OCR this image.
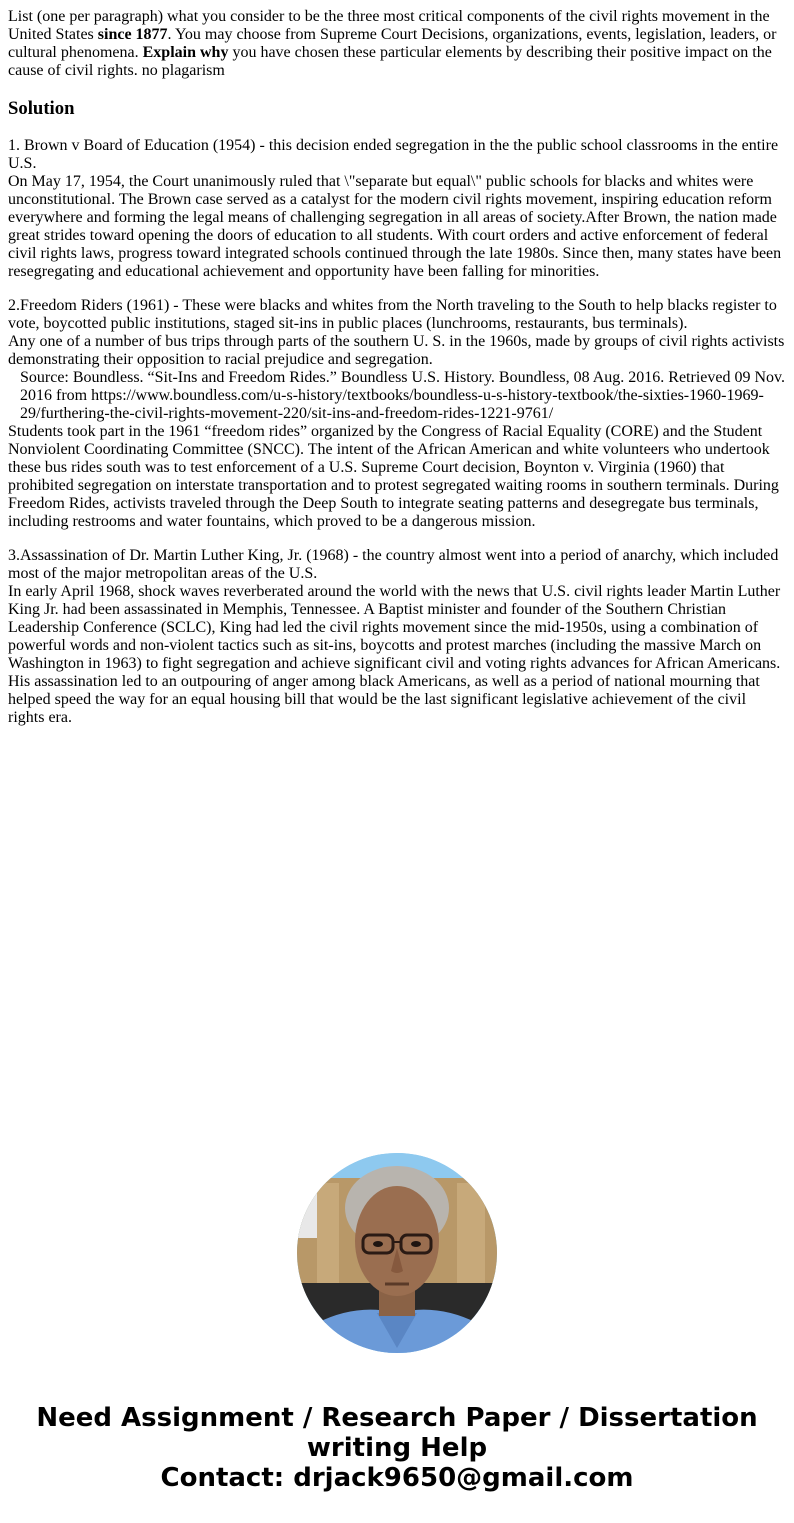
List (one per paragraph) what you consider to be the three most critical components of the civil rights movement in the United States since 1877. You may choose from Supreme Court Decisions, organizations, events, legislation, leaders, or cultural phenomena. Explain why you have chosen these particular elements by describing their positive impact on the cause of civil rights. no plagarism

Solution

1. Brown v Board of Education (1954) - this decision ended segregation in the the public school classrooms in the entire U.S.
On May 17, 1954, the Court unanimously ruled that \"separate but equal\" public schools for blacks and whites were unconstitutional. The Brown case served as a catalyst for the modern civil rights movement, inspiring education reform everywhere and forming the legal means of challenging segregation in all areas of society.After Brown, the nation made great strides toward opening the doors of education to all students. With court orders and active enforcement of federal civil rights laws, progress toward integrated schools continued through the late 1980s. Since then, many states have been resegregating and educational achievement and opportunity have been falling for minorities.

2.Freedom Riders (1961) - These were blacks and whites from the North traveling to the South to help blacks register to vote, boycotted public institutions, staged sit-ins in public places (lunchrooms, restaurants, bus terminals).
Any one of a number of bus trips through parts of the southern U. S. in the 1960s, made by groups of civil rights activists demonstrating their opposition to racial prejudice and segregation.
Source: Boundless. “Sit-Ins and Freedom Rides.” Boundless U.S. History. Boundless, 08 Aug. 2016. Retrieved 09 Nov. 2016 from https://www.boundless.com/u-s-history/textbooks/boundless-u-s-history-textbook/the-sixties-1960-1969-29/furthering-the-civil-rights-movement-220/sit-ins-and-freedom-rides-1221-9761/
Students took part in the 1961 “freedom rides” organized by the Congress of Racial Equality (CORE) and the Student Nonviolent Coordinating Committee (SNCC). The intent of the African American and white volunteers who undertook these bus rides south was to test enforcement of a U.S. Supreme Court decision, Boynton v. Virginia (1960) that prohibited segregation on interstate transportation and to protest segregated waiting rooms in southern terminals. During Freedom Rides, activists traveled through the Deep South to integrate seating patterns and desegregate bus terminals, including restrooms and water fountains, which proved to be a dangerous mission.

3.Assassination of Dr. Martin Luther King, Jr. (1968) - the country almost went into a period of anarchy, which included most of the major metropolitan areas of the U.S.
In early April 1968, shock waves reverberated around the world with the news that U.S. civil rights leader Martin Luther King Jr. had been assassinated in Memphis, Tennessee. A Baptist minister and founder of the Southern Christian Leadership Conference (SCLC), King had led the civil rights movement since the mid-1950s, using a combination of powerful words and non-violent tactics such as sit-ins, boycotts and protest marches (including the massive March on Washington in 1963) to fight segregation and achieve significant civil and voting rights advances for African Americans. His assassination led to an outpouring of anger among black Americans, as well as a period of national mourning that helped speed the way for an equal housing bill that would be the last significant legislative achievement of the civil rights era.

Need Assignment / Research Paper / Dissertation
writing Help
Contact: drjack9650@gmail.com
